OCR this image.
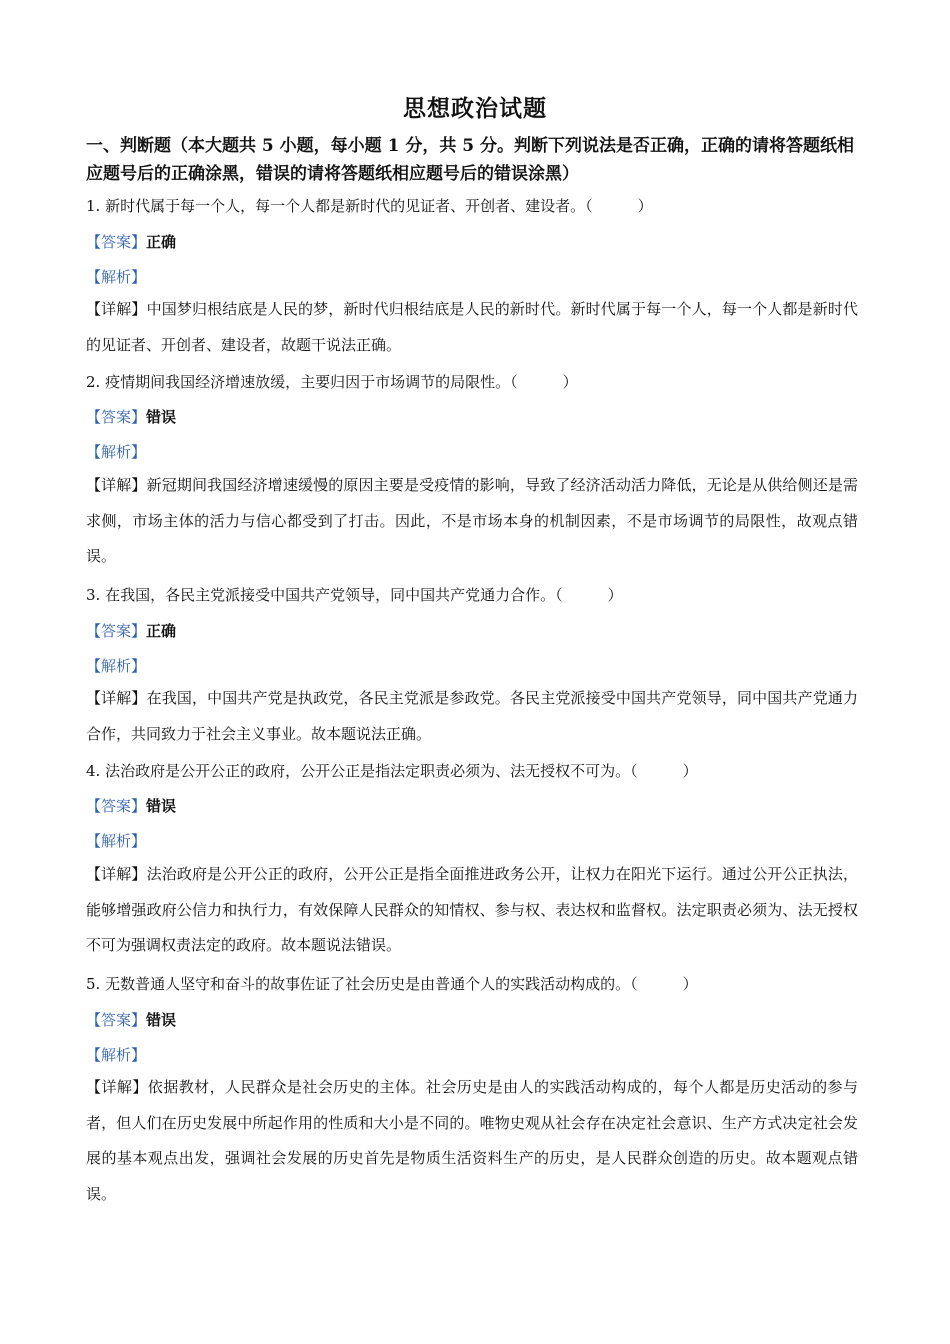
思想政治试题
一、判断题（本大题共 5 小题，每小题 1 分，共 5 分。判断下列说法是否正确，正确的请将答题纸相应题号后的正确涂黑，错误的请将答题纸相应题号后的错误涂黑）
1. 新时代属于每一个人，每一个人都是新时代的见证者、开创者、建设者。（　　　）
【答案】正确
【解析】
【详解】中国梦归根结底是人民的梦，新时代归根结底是人民的新时代。新时代属于每一个人，每一个人都是新时代的见证者、开创者、建设者，故题干说法正确。
2. 疫情期间我国经济增速放缓，主要归因于市场调节的局限性。（　　　）
【答案】错误
【解析】
【详解】新冠期间我国经济增速缓慢的原因主要是受疫情的影响，导致了经济活动活力降低，无论是从供给侧还是需求侧，市场主体的活力与信心都受到了打击。因此，不是市场本身的机制因素，不是市场调节的局限性，故观点错误。
3. 在我国，各民主党派接受中国共产党领导，同中国共产党通力合作。（　　　）
【答案】正确
【解析】
【详解】在我国，中国共产党是执政党，各民主党派是参政党。各民主党派接受中国共产党领导，同中国共产党通力合作，共同致力于社会主义事业。故本题说法正确。
4. 法治政府是公开公正的政府，公开公正是指法定职责必须为、法无授权不可为。（　　　）
【答案】错误
【解析】
【详解】法治政府是公开公正的政府，公开公正是指全面推进政务公开，让权力在阳光下运行。通过公开公正执法，能够增强政府公信力和执行力，有效保障人民群众的知情权、参与权、表达权和监督权。法定职责必须为、法无授权不可为强调权责法定的政府。故本题说法错误。
5. 无数普通人坚守和奋斗的故事佐证了社会历史是由普通个人的实践活动构成的。（　　　）
【答案】错误
【解析】
【详解】依据教材，人民群众是社会历史的主体。社会历史是由人的实践活动构成的，每个人都是历史活动的参与者，但人们在历史发展中所起作用的性质和大小是不同的。唯物史观从社会存在决定社会意识、生产方式决定社会发展的基本观点出发，强调社会发展的历史首先是物质生活资料生产的历史，是人民群众创造的历史。故本题观点错误。
